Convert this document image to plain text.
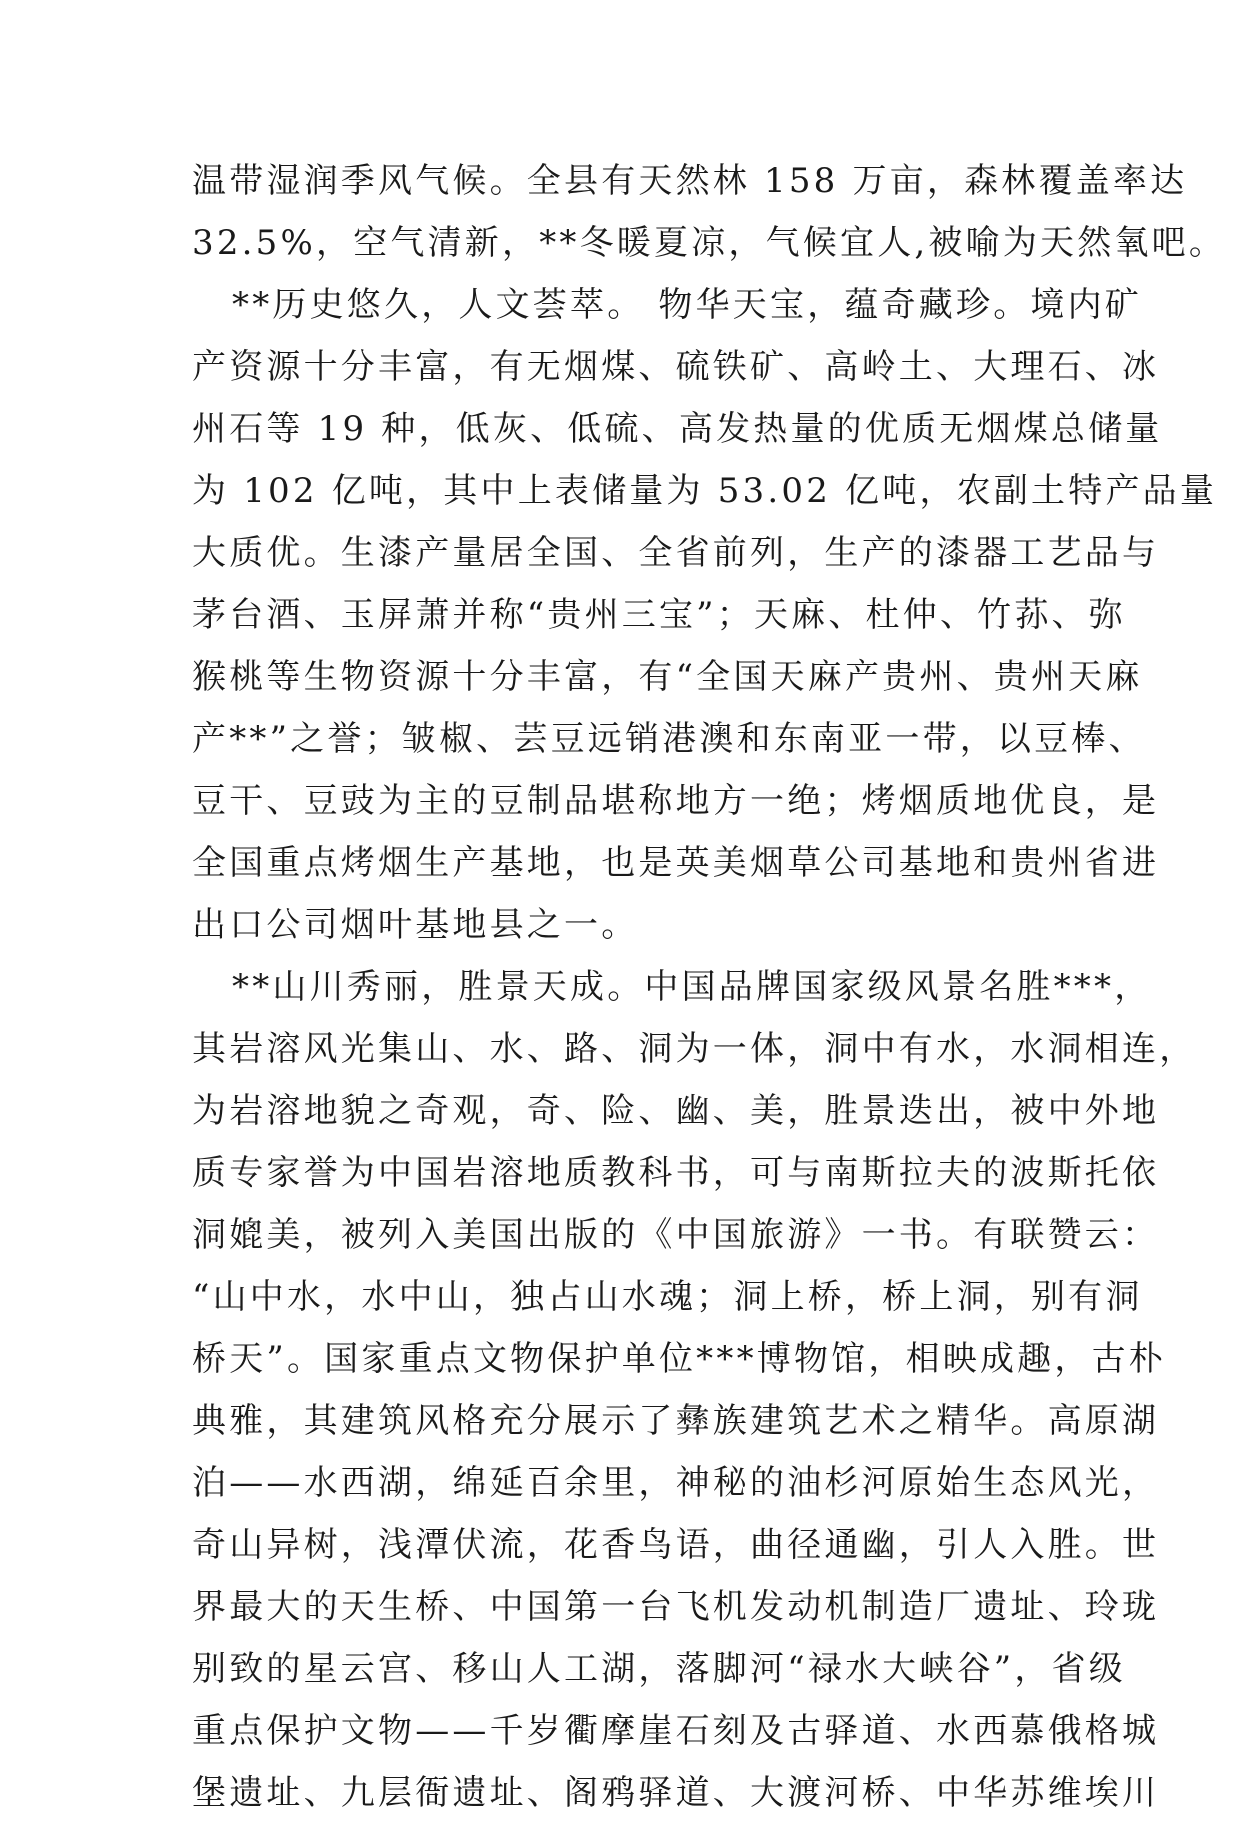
温带湿润季风气候。全县有天然林 158 万亩，森林覆盖率达
32.5%，空气清新，**冬暖夏凉，气候宜人,被喻为天然氧吧。
**历史悠久，人文荟萃。 物华天宝，蕴奇藏珍。境内矿
产资源十分丰富，有无烟煤、硫铁矿、高岭土、大理石、冰
州石等 19 种，低灰、低硫、高发热量的优质无烟煤总储量
为 102 亿吨，其中上表储量为 53.02 亿吨，农副土特产品量
大质优。生漆产量居全国、全省前列，生产的漆器工艺品与
茅台酒、玉屏萧并称“贵州三宝”；天麻、杜仲、竹荪、弥
猴桃等生物资源十分丰富，有“全国天麻产贵州、贵州天麻
产**”之誉；皱椒、芸豆远销港澳和东南亚一带，以豆棒、
豆干、豆豉为主的豆制品堪称地方一绝；烤烟质地优良，是
全国重点烤烟生产基地，也是英美烟草公司基地和贵州省进
出口公司烟叶基地县之一。
**山川秀丽，胜景天成。中国品牌国家级风景名胜***，
其岩溶风光集山、水、路、洞为一体，洞中有水，水洞相连，
为岩溶地貌之奇观，奇、险、幽、美，胜景迭出，被中外地
质专家誉为中国岩溶地质教科书，可与南斯拉夫的波斯托依
洞媲美，被列入美国出版的《中国旅游》一书。有联赞云：
“山中水，水中山，独占山水魂；洞上桥，桥上洞，别有洞
桥天”。国家重点文物保护单位***博物馆，相映成趣，古朴
典雅，其建筑风格充分展示了彝族建筑艺术之精华。高原湖
泊——水西湖，绵延百余里，神秘的油杉河原始生态风光，
奇山异树，浅潭伏流，花香鸟语，曲径通幽，引人入胜。世
界最大的天生桥、中国第一台飞机发动机制造厂遗址、玲珑
别致的星云宫、移山人工湖，落脚河“禄水大峡谷”，省级
重点保护文物——千岁衢摩崖石刻及古驿道、水西慕俄格城
堡遗址、九层衙遗址、阁鸦驿道、大渡河桥、中华苏维埃川
